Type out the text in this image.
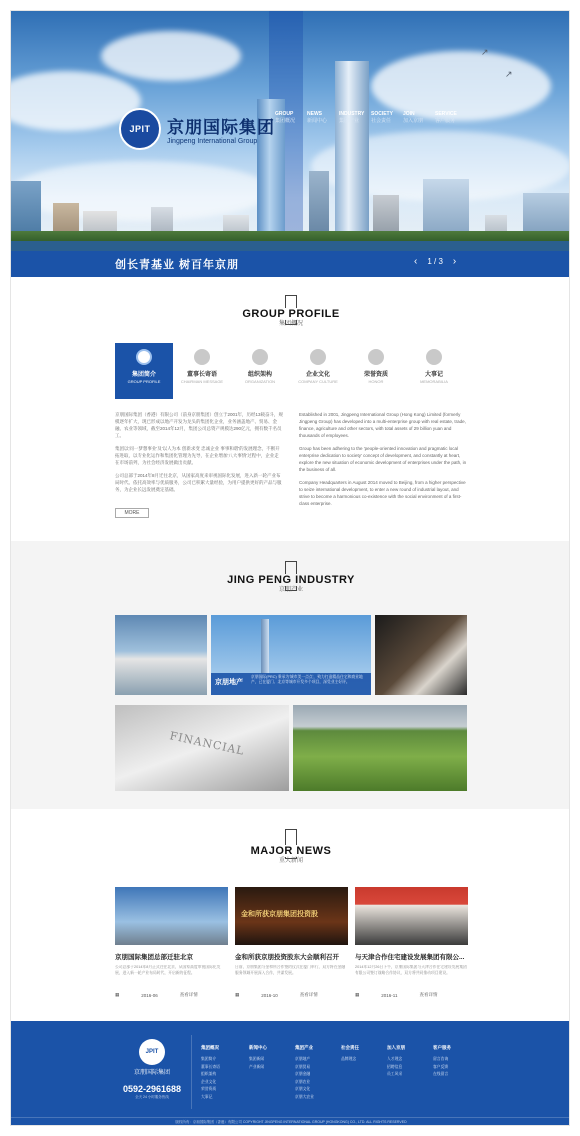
↗
↗
JPIT 京朋国际集团
Jingpeng International Group
GROUP
集团概况
NEWS
新闻中心
INDUSTRY
集团产业
SOCIETY
社会责任
JOIN
加入京朋
SERVICE
客户服务
创长青基业 树百年京朋	‹ 1 / 3 ›
GROUP PROFILE
集团概况
集团简介
GROUP PROFILE
董事长寄语
CHAIRMAN MESSAGE
组织架构
ORGANIZATION
企业文化
COMPANY CULTURE
荣誉资质
HONOR
大事记
MEMORABILIA

京朋国际集团（香港）有限公司（前身京朋集团）创立于2001年，历经13载奋斗，规模逐年扩大，现已形成以地产开发为龙头的集团化企业，业务涵盖地产、贸易、金融、农业等领域，截至2014年12月，集团公司总资产规模达290亿元，拥有数千名员工。

集团以'同一梦想事业'及'以人为本 创新求变 忠诚企业 事事和谐'的发展理念，不断开拓进取，以专业化运作和集团化管理为先导，在企业增加'八大事情'过程中，企业走在市场前列，为社会经济发展做出贡献。

公司总部于2014年8月迁往北京，从国家高度来审视国际化发展，进入新一轮产业布局时代。依托高效率与优质服务，公司已积累大量经验，为用户提供更好的产品与服务，为企业长远发展奠定基础。

Established in 2001, Jingpeng International Group (Hong Kong) Limited (formerly Jingpeng Group) has developed into a multi-enterprise group with real estate, trade, finance, agriculture and other sectors, with total assets of 29 billion yuan and thousands of employees.

Group has been adhering to the 'people-oriented innovation and pragmatic local enterprise dedication to society' concept of development, and constantly at heart, explore the new situation of economic development of enterprises under the path, in the business of all.

Company Headquarters in August 2014 moved to Beijing, from a higher perspective to seize international development, to enter a new round of industrial layout, and strive to become a harmonious co-existence with the social environment of a first-class enterprise.

MORE
JING PENG INDUSTRY
京朋产业
京朋地产
京朋国际(PRC) 秉承为'城市美一点点'，致力打造精品住宅和商业地产，已在厦门、北京等城市开发多个项目，深受业主好评。
FINANCIAL
MAJOR NEWS
重大新闻
京朋国际集团总部迁驻北京
公司总部于2014年8月正式迁往北京，从国家高度审视国际化发展，进入新一轮产业布局时代，开启新的征程。
▦	2016-06	查看详情
金和所获京朋集团投资股
金和所获京朋投资股东大会顺利召开
日前，京朋集团与金和所合作签约仪式在厦门举行，双方将在金融服务领域开展深入合作，共谋发展。
▦	2016-10	查看详情
与天津合作住宅建设发展集团有限公...
2014年12月26日下午，京朋国际集团与天津合作住宅建设发展集团有限公司签订战略合作协议，双方将共同推动项目建设。
▦	2016-11	查看详情
JPIT
京朋国际集团
0592-2961688
全天 24 小时服务热线
集团概况
集团简介
董事长寄语
组织架构
企业文化
荣誉资质
大事记
新闻中心
集团新闻
产业新闻
集团产业
京朋地产
京朋贸易
京朋金融
京朋农业
京朋文化
京朋大农业
社会责任
品牌理念
加入京朋
人才理念
招聘信息
员工风采
客户服务
留言咨询
客户反馈
在线留言
版权所有：京朋国际集团（香港）有限公司 COPYRIGHT JINGPENG INTERNATIONAL GROUP (HONGKONG) CO., LTD. ALL RIGHTS RESERVED
